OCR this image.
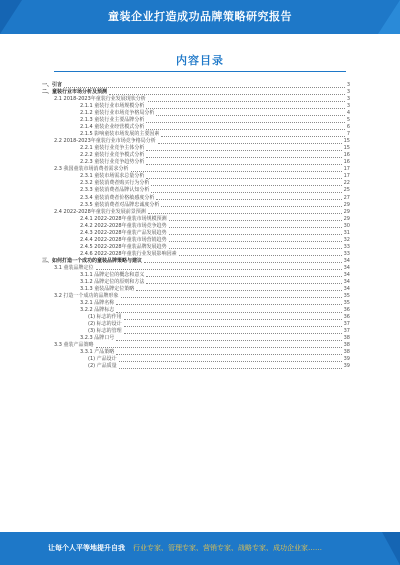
童装企业打造成功品牌策略研究报告
内容目录
一、引言	3
二、童装行业市场分析及预测	3
2.1 2018-2023年童装行业发展现状分析	3
2.1.1 童装行业市场规模分析	3
2.1.2 童装行业市场竞争格局分析	4
2.1.3 童装行业主要品牌分析	5
2.1.4 童装企业经营模式分析	6
2.1.5 影响童装市场发展的主要因素	7
2.2 2018-2023年童装行业市场竞争格局分析	15
2.2.1 童装行业竞争主体分析	15
2.2.2 童装行业竞争模式分析	16
2.2.3 童装行业竞争趋势分析	16
2.3 我国童装市场消费者需求分析	17
2.3.1 童装市场需求总量分析	17
2.3.2 童装消费者购买行为分析	22
2.3.3 童装消费者品牌认知分析	25
2.3.4 童装消费者价格敏感度分析	27
2.3.5 童装消费者对品牌忠诚度分析	29
2.4 2022-2028年童装行业发展前景预测	29
2.4.1 2022-2028年童装市场规模预测	29
2.4.2 2022-2028年童装市场竞争趋势	30
2.4.3 2022-2028年童装产品发展趋势	31
2.4.4 2022-2028年童装市场营销趋势	32
2.4.5 2022-2028年童装品牌发展趋势	33
2.4.6 2022-2028年童装行业发展影响因素	33
三、如何打造一个成功的童装品牌策略与建议	34
3.1 童装品牌定位	34
3.1.1 品牌定位的概念和意义	34
3.1.2 品牌定位的原则和方法	34
3.1.3 童装品牌定位策略	34
3.2 打造一个成功的品牌形象	35
3.2.1 品牌名称	35
3.2.2 品牌标志	36
(1) 标志的作用	36
(2) 标志的设计	37
(3) 标志的管理	37
3.2.3 品牌口号	38
3.3 童装产品策略	38
3.3.1 产品策略	38
(1) 产品设计	39
(2) 产品质量	39
让每个人平等地提升自我 行业专家、管理专家、营销专家、战略专家、成功企业家……
